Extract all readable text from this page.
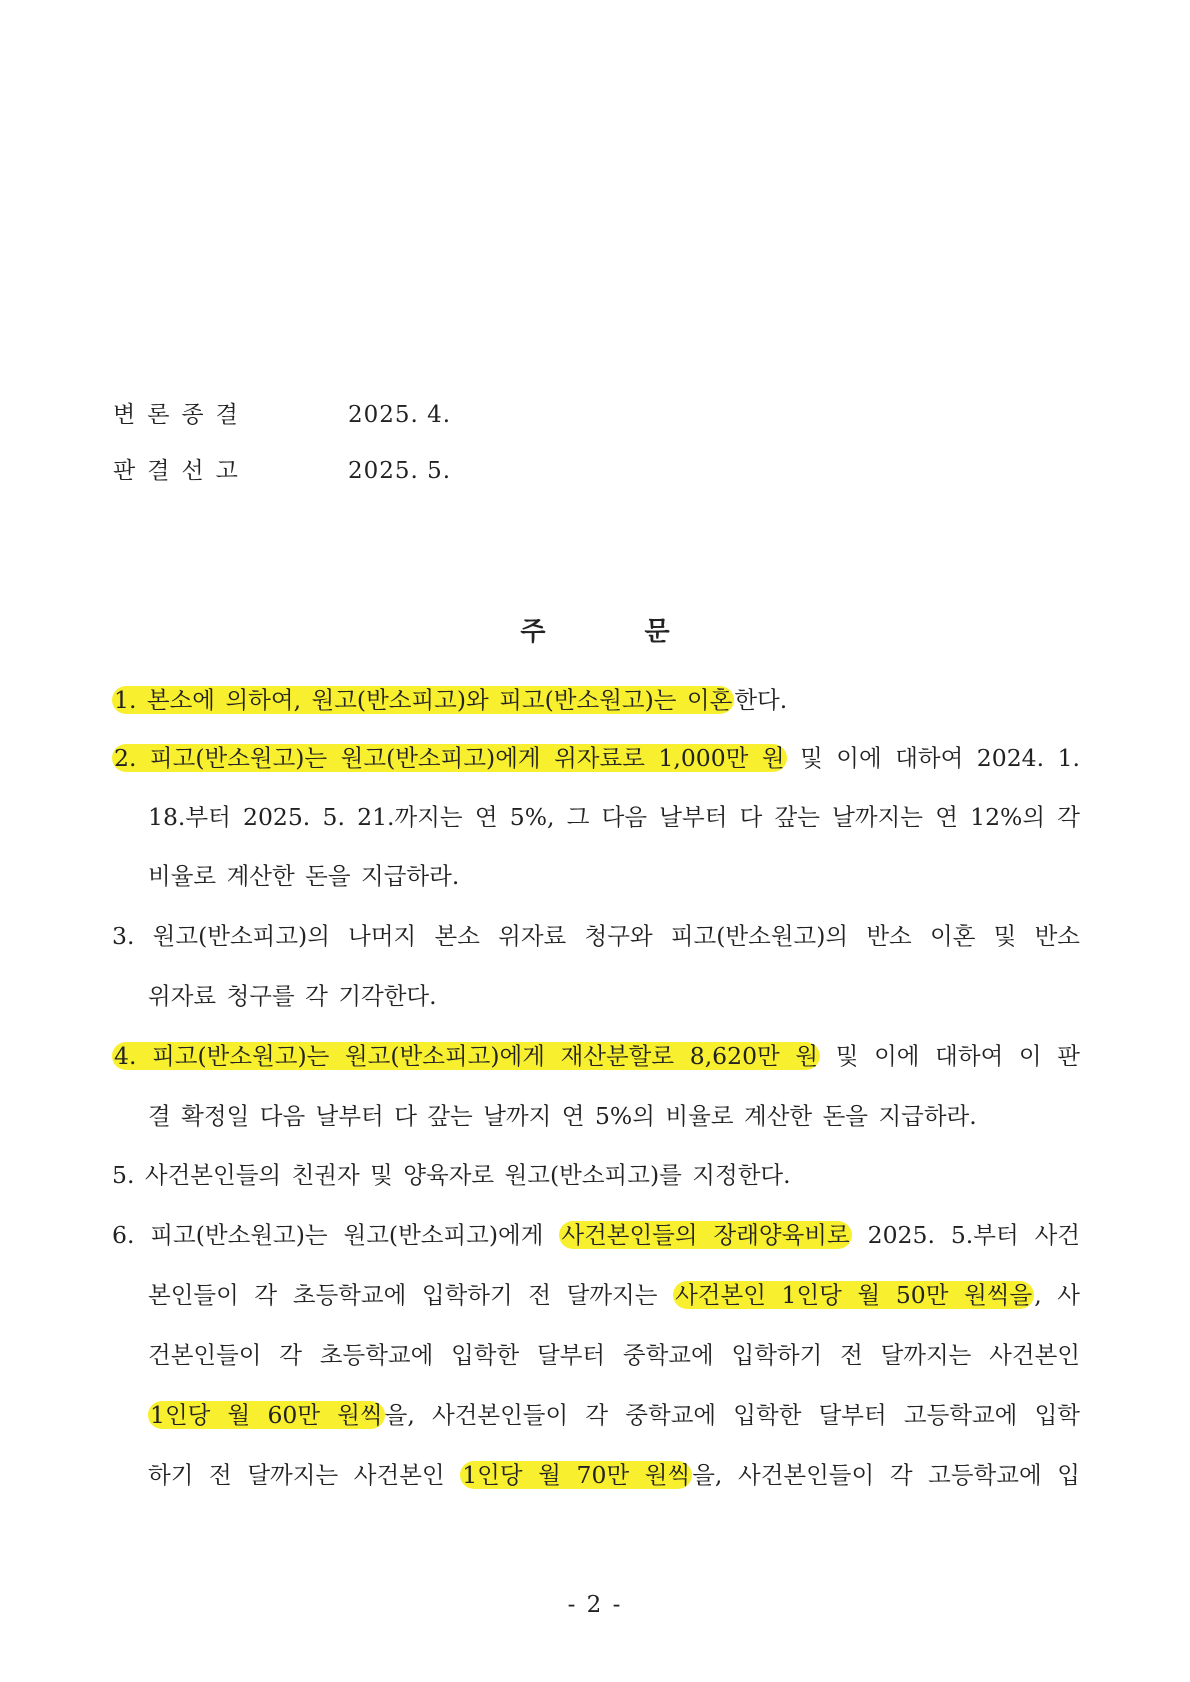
변론종결	2025. 4.
판결선고	2025. 5.
주 문
1. 본소에 의하여, 원고(반소피고)와 피고(반소원고)는 이혼한다.
2. 피고(반소원고)는 원고(반소피고)에게 위자료로 1,000만 원 및 이에 대하여 2024. 1.
18.부터 2025. 5. 21.까지는 연 5%, 그 다음 날부터 다 갚는 날까지는 연 12%의 각
비율로 계산한 돈을 지급하라.
3. 원고(반소피고)의 나머지 본소 위자료 청구와 피고(반소원고)의 반소 이혼 및 반소
위자료 청구를 각 기각한다.
4. 피고(반소원고)는 원고(반소피고)에게 재산분할로 8,620만 원 및 이에 대하여 이 판
결 확정일 다음 날부터 다 갚는 날까지 연 5%의 비율로 계산한 돈을 지급하라.
5. 사건본인들의 친권자 및 양육자로 원고(반소피고)를 지정한다.
6. 피고(반소원고)는 원고(반소피고)에게 사건본인들의 장래양육비로 2025. 5.부터 사건
본인들이 각 초등학교에 입학하기 전 달까지는 사건본인 1인당 월 50만 원씩을, 사
건본인들이 각 초등학교에 입학한 달부터 중학교에 입학하기 전 달까지는 사건본인
1인당 월 60만 원씩을, 사건본인들이 각 중학교에 입학한 달부터 고등학교에 입학
하기 전 달까지는 사건본인 1인당 월 70만 원씩을, 사건본인들이 각 고등학교에 입
- 2 -
